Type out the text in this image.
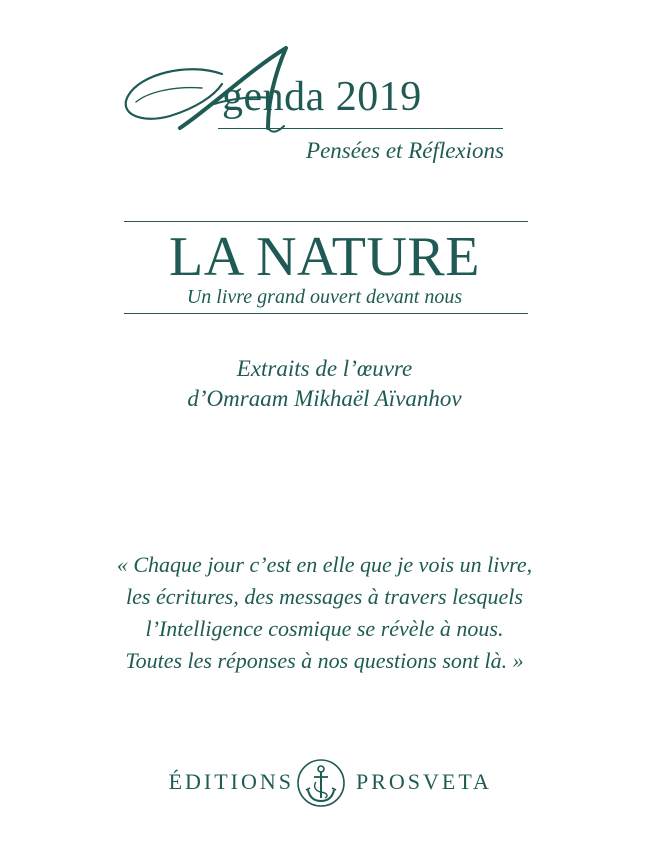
genda 2019
Pensées et Réflexions
LA NATURE
Un livre grand ouvert devant nous
Extraits de l’œuvre
d’Omraam Mikhaël Aïvanhov
« Chaque jour c’est en elle que je vois un livre,
les écritures, des messages à travers lesquels
l’Intelligence cosmique se révèle à nous.
Toutes les réponses à nos questions sont là. »
ÉDITIONS	PROSVETA
